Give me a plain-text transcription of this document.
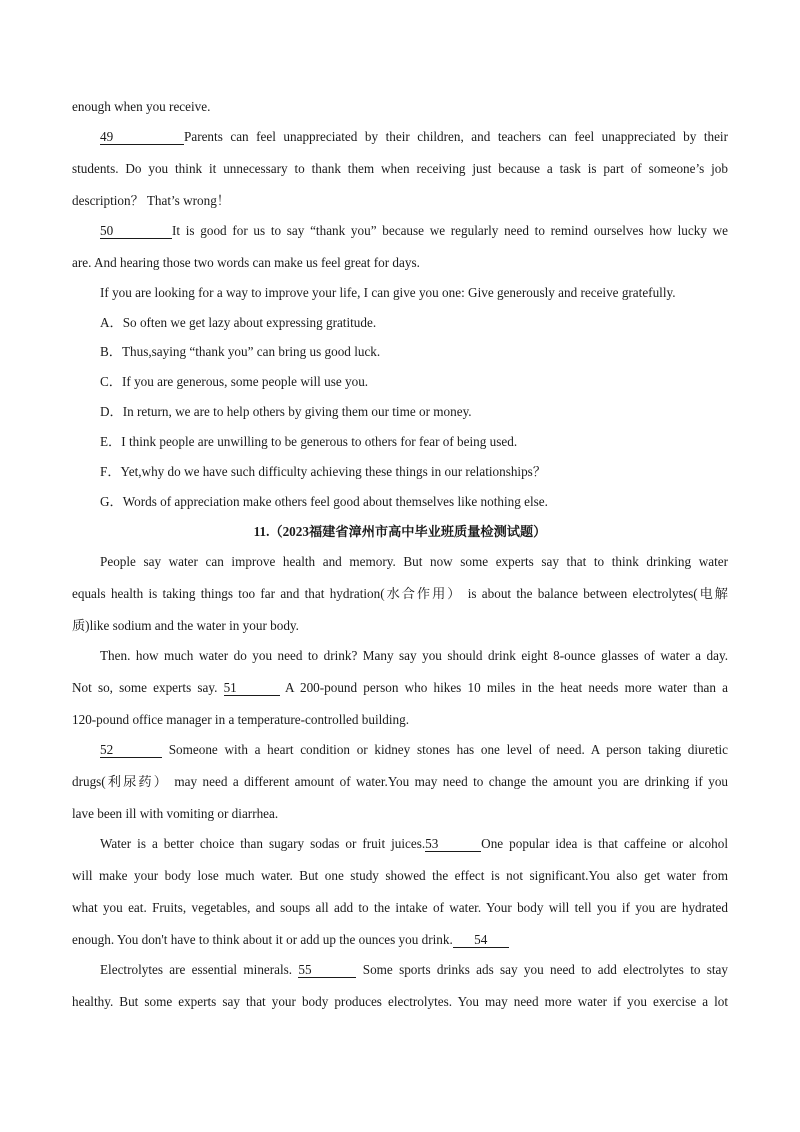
enough when you receive.
49	Parents can feel unappreciated by their children, and teachers can feel unappreciated by their
students. Do you think it unnecessary to thank them when receiving just because a task is part of someone’s job
description？ That’s wrong！
50	It is good for us to say “thank you” because we regularly need to remind ourselves how lucky we
are. And hearing those two words can make us feel great for days.
If you are looking for a way to improve your life, I can give you one: Give generously and receive gratefully.
A．So often we get lazy about expressing gratitude.
B．Thus,saying “thank you” can bring us good luck.
C．If you are generous, some people will use you.
D．In return, we are to help others by giving them our time or money.
E．I think people are unwilling to be generous to others for fear of being used.
F．Yet,why do we have such difficulty achieving these things in our relationships？
G．Words of appreciation make others feel good about themselves like nothing else.
11.（2023福建省漳州市高中毕业班质量检测试题）
People say water can improve health and memory. But now some experts say that to think drinking water
equals health is taking things too far and that hydration(水合作用） is about the balance between electrolytes(电解
质)like sodium and the water in your body.
Then. how much water do you need to drink? Many say you should drink eight 8-ounce glasses of water a day.
Not so, some experts say. 51	A 200-pound person who hikes 10 miles in the heat needs more water than a
120-pound office manager in a temperature-controlled building.
52	Someone with a heart condition or kidney stones has one level of need. A person taking diuretic
drugs(利尿药） may need a different amount of water.You may need to change the amount you are drinking if you
lave been ill with vomiting or diarrhea.
Water is a better choice than sugary sodas or fruit juices.53	One popular idea is that caffeine or alcohol
will make your body lose much water. But one study showed the effect is not significant.You also get water from
what you eat. Fruits, vegetables, and soups all add to the intake of water. Your body will tell you if you are hydrated
enough. You don't have to think about it or add up the ounces you drink. 54
Electrolytes are essential minerals. 55	Some sports drinks ads say you need to add electrolytes to stay
healthy. But some experts say that your body produces electrolytes. You may need more water if you exercise a lot
